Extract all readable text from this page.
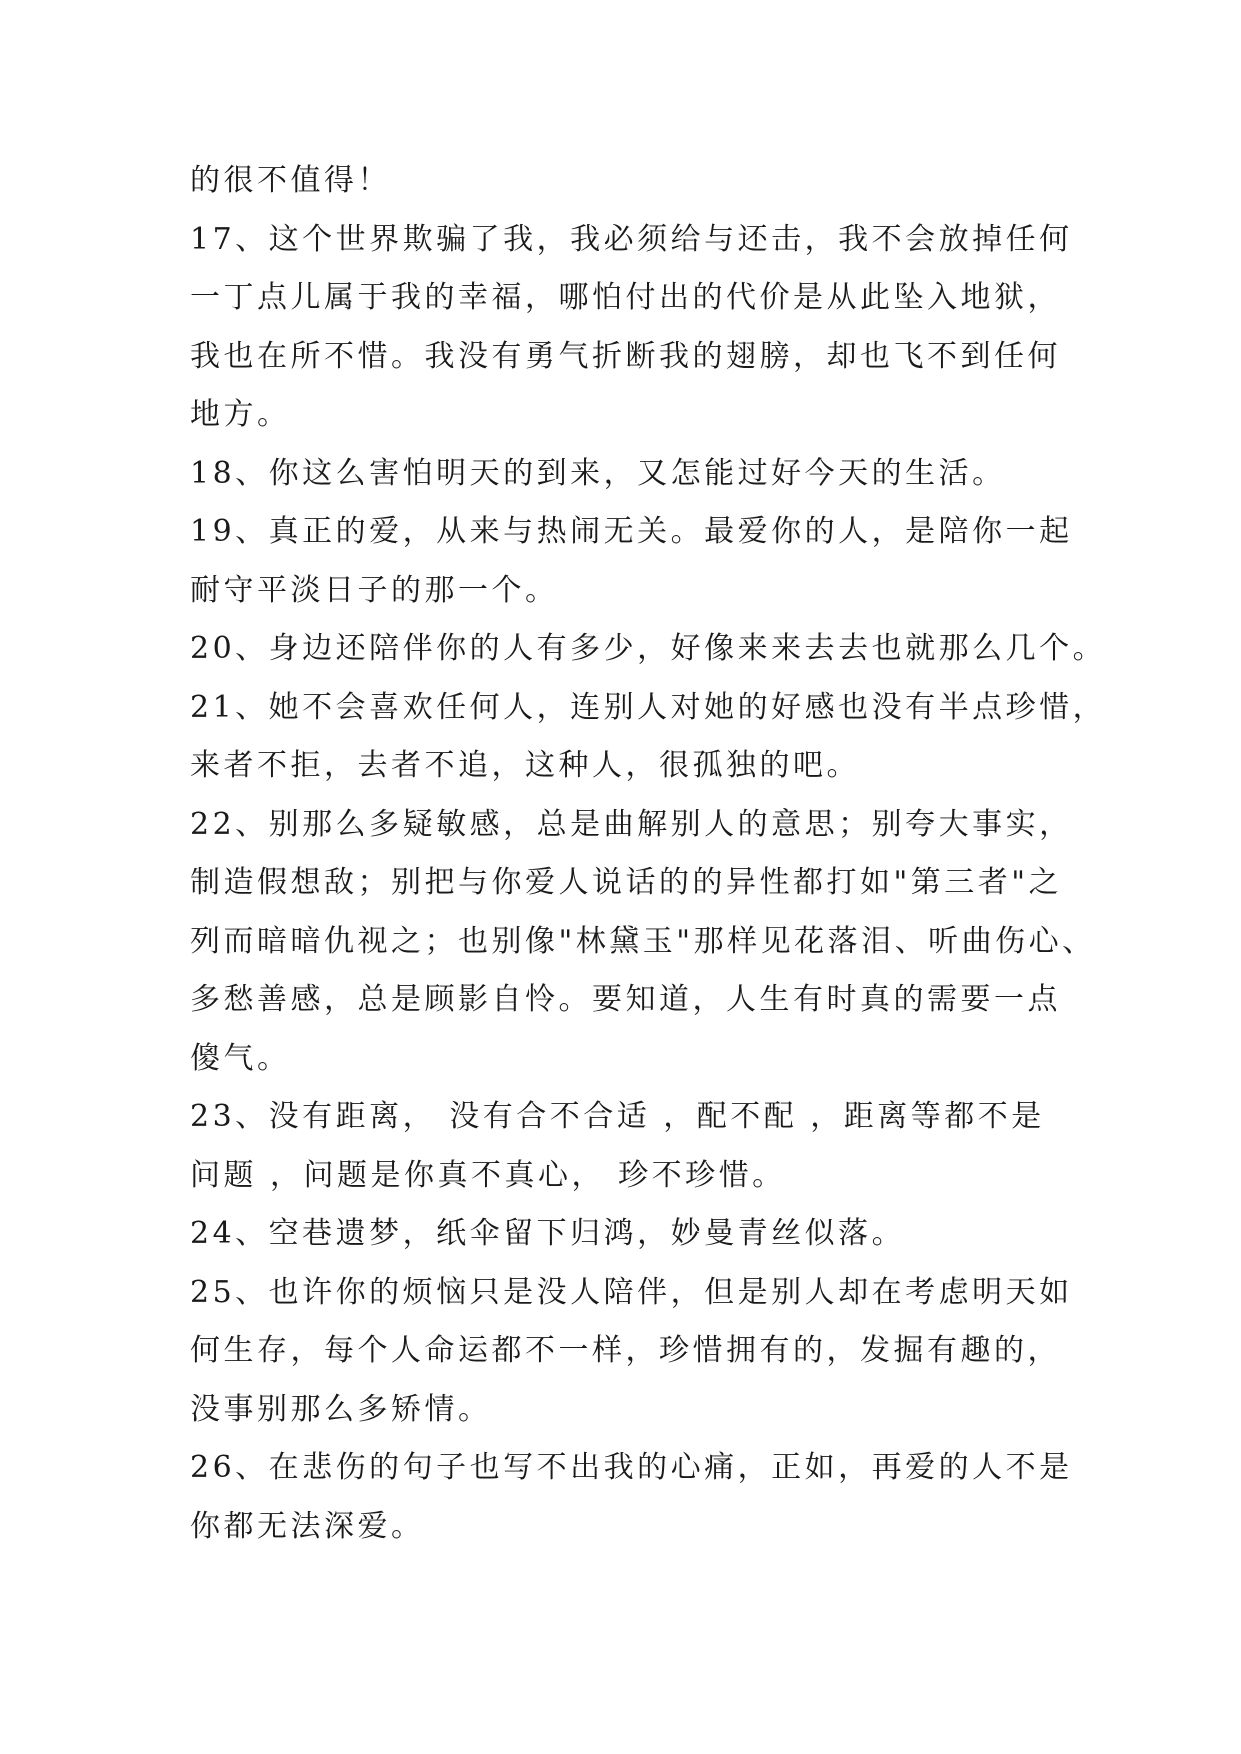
的很不值得！
17、这个世界欺骗了我，我必须给与还击，我不会放掉任何
一丁点儿属于我的幸福，哪怕付出的代价是从此坠入地狱，
我也在所不惜。我没有勇气折断我的翅膀，却也飞不到任何
地方。
18、你这么害怕明天的到来，又怎能过好今天的生活。
19、真正的爱，从来与热闹无关。最爱你的人，是陪你一起
耐守平淡日子的那一个。
20、身边还陪伴你的人有多少，好像来来去去也就那么几个。
21、她不会喜欢任何人，连别人对她的好感也没有半点珍惜，
来者不拒，去者不追，这种人，很孤独的吧。
22、别那么多疑敏感，总是曲解别人的意思；别夸大事实，
制造假想敌；别把与你爱人说话的的异性都打如"第三者"之
列而暗暗仇视之；也别像"林黛玉"那样见花落泪、听曲伤心、
多愁善感，总是顾影自怜。要知道，人生有时真的需要一点
傻气。
23、没有距离， 没有合不合适 ，配不配 ，距离等都不是
问题 ，问题是你真不真心， 珍不珍惜。
24、空巷遗梦，纸伞留下归鸿，妙曼青丝似落。
25、也许你的烦恼只是没人陪伴，但是别人却在考虑明天如
何生存，每个人命运都不一样，珍惜拥有的，发掘有趣的，
没事别那么多矫情。
26、在悲伤的句子也写不出我的心痛，正如，再爱的人不是
你都无法深爱。
